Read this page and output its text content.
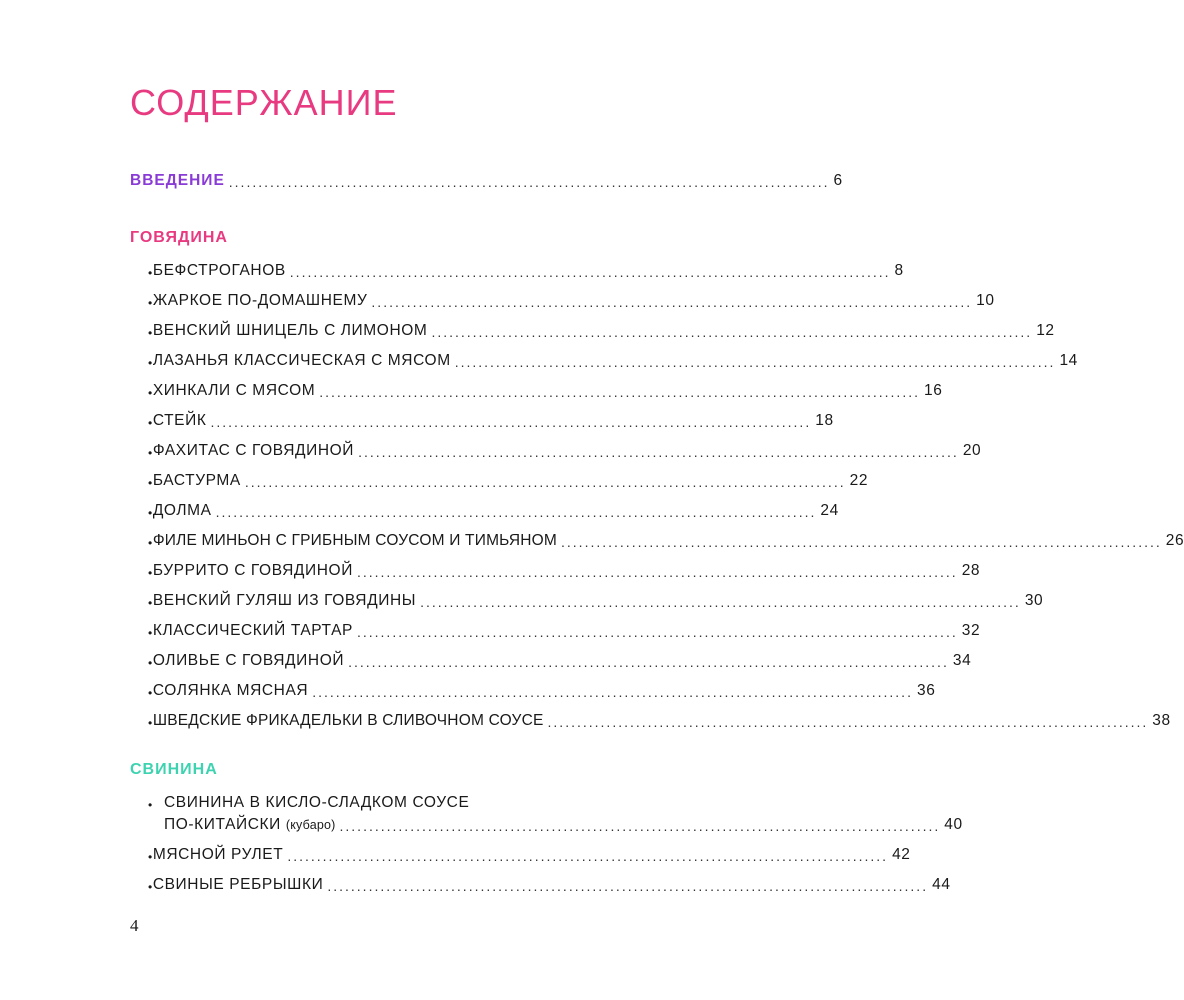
СОДЕРЖАНИЕ
ВВЕДЕНИЕ ...................................................................................................... 6
ГОВЯДИНА
• БЕФСТРОГАНОВ ...................................................................................................... 8
• ЖАРКОЕ ПО-ДОМАШНЕМУ ...................................................................................................... 10
• ВЕНСКИЙ ШНИЦЕЛЬ С ЛИМОНОМ ...................................................................................................... 12
• ЛАЗАНЬЯ КЛАССИЧЕСКАЯ С МЯСОМ ...................................................................................................... 14
• ХИНКАЛИ С МЯСОМ ...................................................................................................... 16
• СТЕЙК ...................................................................................................... 18
• ФАХИТАС С ГОВЯДИНОЙ ...................................................................................................... 20
• БАСТУРМА ...................................................................................................... 22
• ДОЛМА ...................................................................................................... 24
• ФИЛЕ МИНЬОН С ГРИБНЫМ СОУСОМ И ТИМЬЯНОМ ...................................................................................................... 26
• БУРРИТО С ГОВЯДИНОЙ ...................................................................................................... 28
• ВЕНСКИЙ ГУЛЯШ ИЗ ГОВЯДИНЫ ...................................................................................................... 30
• КЛАССИЧЕСКИЙ ТАРТАР ...................................................................................................... 32
• ОЛИВЬЕ С ГОВЯДИНОЙ ...................................................................................................... 34
• СОЛЯНКА МЯСНАЯ ...................................................................................................... 36
• ШВЕДСКИЕ ФРИКАДЕЛЬКИ В СЛИВОЧНОМ СОУСЕ ...................................................................................................... 38
СВИНИНА
• СВИНИНА В КИСЛО-СЛАДКОМ СОУСЕ
ПО-КИТАЙСКИ (кубаро) ...................................................................................................... 40
• МЯСНОЙ РУЛЕТ ...................................................................................................... 42
• СВИНЫЕ РЕБРЫШКИ ...................................................................................................... 44
4
